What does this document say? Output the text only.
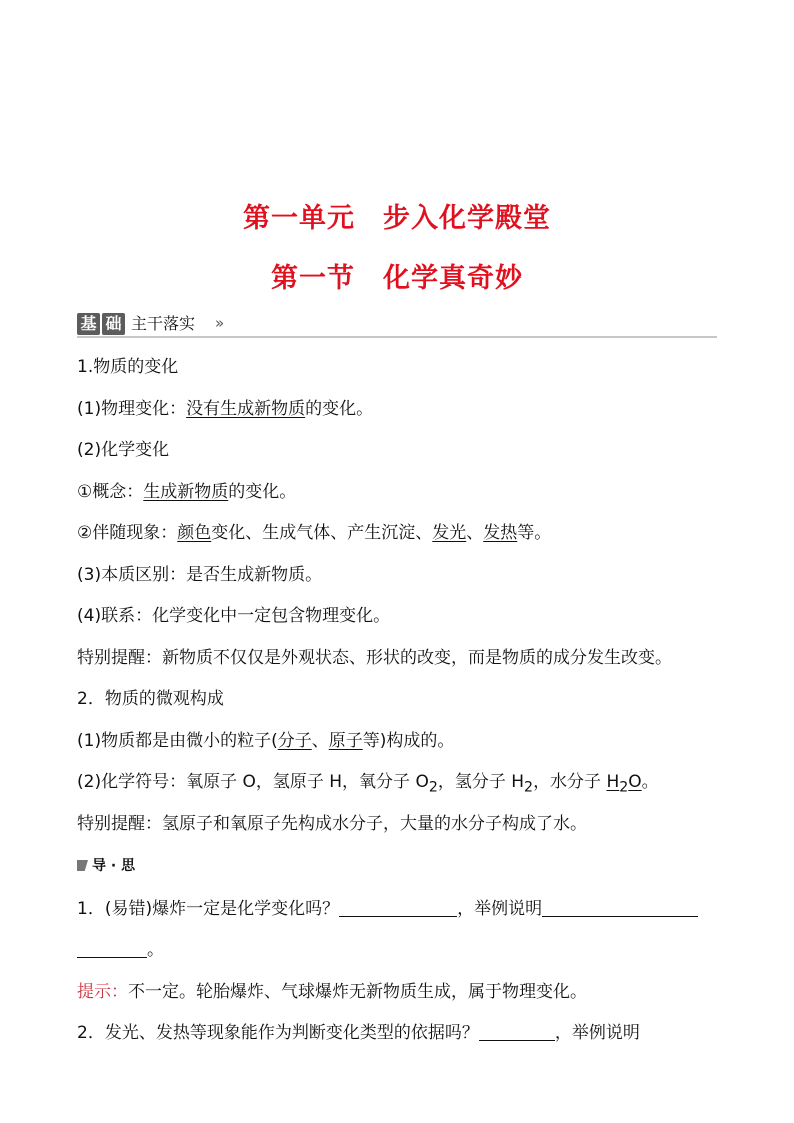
第一单元　步入化学殿堂
第一节　化学真奇妙
基 础 主干落实 »
1.物质的变化
(1)物理变化：没有生成新物质的变化。
(2)化学变化
①概念：生成新物质的变化。
②伴随现象：颜色变化、生成气体、产生沉淀、发光、发热等。
(3)本质区别：是否生成新物质。
(4)联系：化学变化中一定包含物理变化。
特别提醒：新物质不仅仅是外观状态、形状的改变，而是物质的成分发生改变。
2．物质的微观构成
(1)物质都是由微小的粒子(分子、原子等)构成的。
(2)化学符号：氧原子 O，氢原子 H，氧分子 $O_2$，氢分子 $H_2$，水分子 $H_2O$。
特别提醒：氢原子和氧原子先构成水分子，大量的水分子构成了水。
导 · 思
1．(易错)爆炸一定是化学变化吗？	，举例说明
。
提示：不一定。轮胎爆炸、气球爆炸无新物质生成，属于物理变化。
2．发光、发热等现象能作为判断变化类型的依据吗？	，举例说明
